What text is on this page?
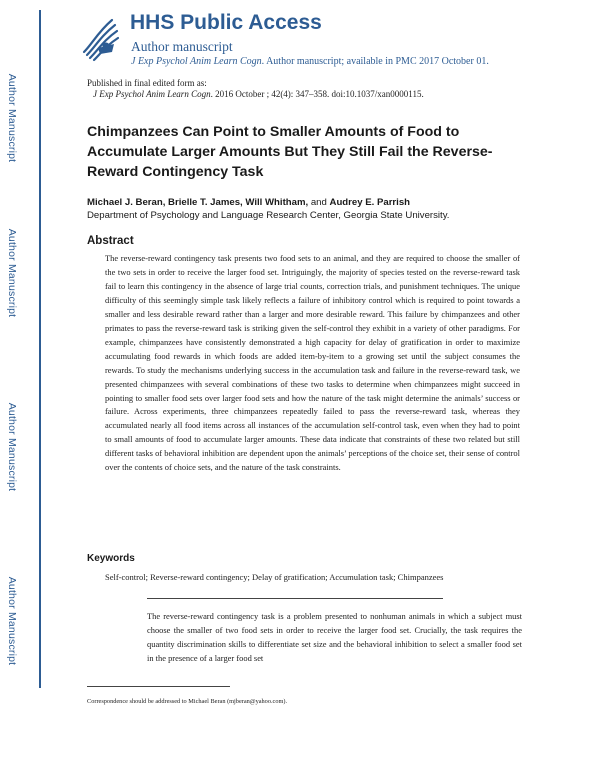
Author Manuscript
Author Manuscript
Author Manuscript
Author Manuscript
HHS Public Access
Author manuscript
J Exp Psychol Anim Learn Cogn. Author manuscript; available in PMC 2017 October 01.
Published in final edited form as:
J Exp Psychol Anim Learn Cogn. 2016 October ; 42(4): 347–358. doi:10.1037/xan0000115.
Chimpanzees Can Point to Smaller Amounts of Food to Accumulate Larger Amounts But They Still Fail the Reverse-Reward Contingency Task
Michael J. Beran, Brielle T. James, Will Whitham, and Audrey E. Parrish
Department of Psychology and Language Research Center, Georgia State University.
Abstract
The reverse-reward contingency task presents two food sets to an animal, and they are required to choose the smaller of the two sets in order to receive the larger food set. Intriguingly, the majority of species tested on the reverse-reward task fail to learn this contingency in the absence of large trial counts, correction trials, and punishment techniques. The unique difficulty of this seemingly simple task likely reflects a failure of inhibitory control which is required to point towards a smaller and less desirable reward rather than a larger and more desirable reward. This failure by chimpanzees and other primates to pass the reverse-reward task is striking given the self-control they exhibit in a variety of other paradigms. For example, chimpanzees have consistently demonstrated a high capacity for delay of gratification in order to maximize accumulating food rewards in which foods are added item-by-item to a growing set until the subject consumes the rewards. To study the mechanisms underlying success in the accumulation task and failure in the reverse-reward task, we presented chimpanzees with several combinations of these two tasks to determine when chimpanzees might succeed in pointing to smaller food sets over larger food sets and how the nature of the task might determine the animals’ success or failure. Across experiments, three chimpanzees repeatedly failed to pass the reverse-reward task, whereas they accumulated nearly all food items across all instances of the accumulation self-control task, even when they had to point to small amounts of food to accumulate larger amounts. These data indicate that constraints of these two related but still different tasks of behavioral inhibition are dependent upon the animals’ perceptions of the choice set, their sense of control over the contents of choice sets, and the nature of the task constraints.
Keywords
Self-control; Reverse-reward contingency; Delay of gratification; Accumulation task; Chimpanzees
The reverse-reward contingency task is a problem presented to nonhuman animals in which a subject must choose the smaller of two food sets in order to receive the larger food set. Crucially, the task requires the quantity discrimination skills to differentiate set size and the behavioral inhibition to select a smaller food set in the presence of a larger food set
Correspondence should be addressed to Michael Beran (mjberan@yahoo.com).
